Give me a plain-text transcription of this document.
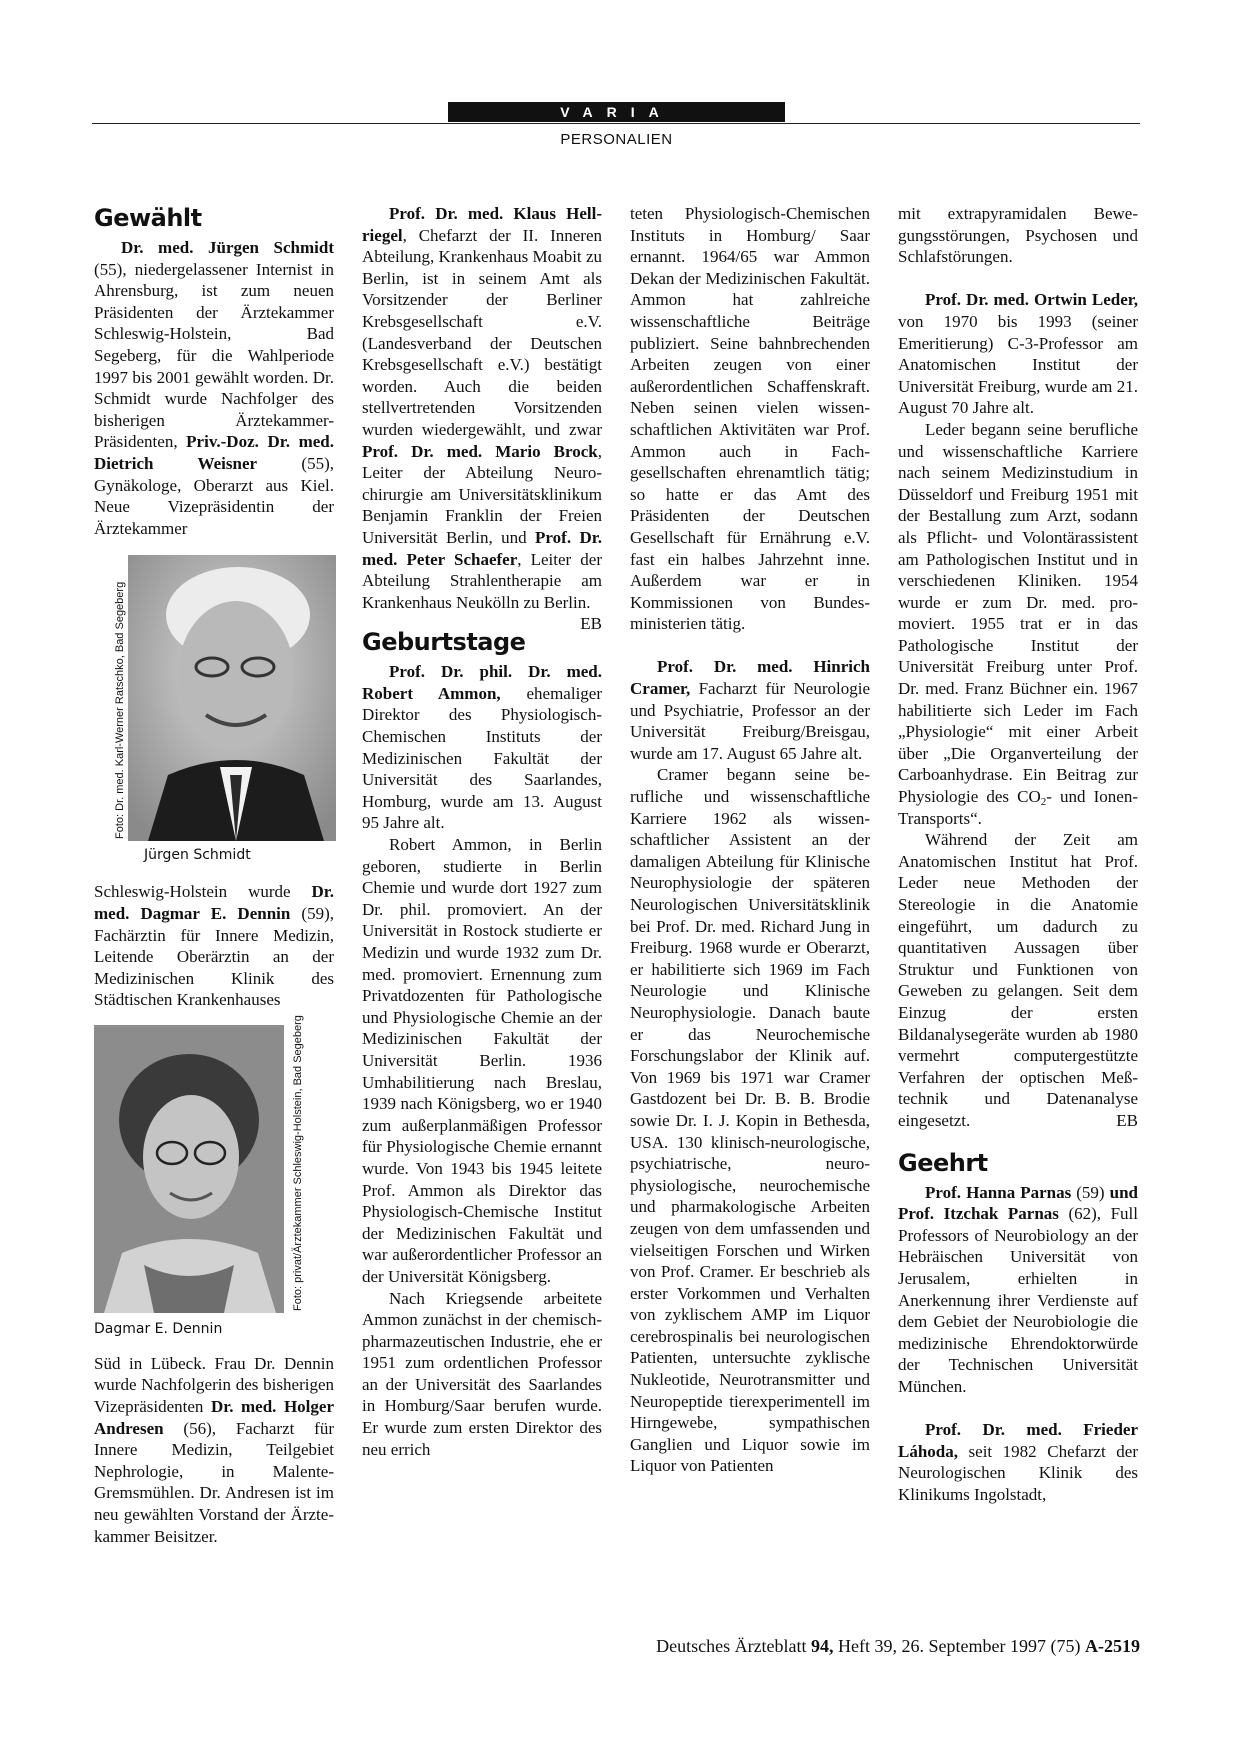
VARIA
PERSONALIEN
Gewählt

Dr. med. Jürgen Schmidt (55), niedergelassener Internist in Ahrensburg, ist zum neuen Präsidenten der Ärztekammer Schleswig-Holstein, Bad Segeberg, für die Wahlperiode 1997 bis 2001 gewählt worden. Dr. Schmidt wurde Nachfolger des bisherigen Ärztekammer-Präsidenten, Priv.-Doz. Dr. med. Dietrich Weisner (55), Gynäkologe, Oberarzt aus Kiel. Neue Vizepräsidentin der Ärztekammer

Foto: Dr. med. Karl-Werner Ratschko, Bad Segeberg
Jürgen Schmidt

Schleswig-Holstein wurde Dr. med. Dagmar E. Dennin (59), Fachärztin für Innere Medizin, Leitende Oberärztin an der Medizinischen Klinik des Städtischen Krankenhauses

Foto: privat/Ärztekammer Schleswig-Holstein, Bad Segeberg
Dagmar E. Dennin

Süd in Lübeck. Frau Dr. Dennin wurde Nachfolgerin des bisherigen Vizepräsidenten Dr. med. Holger Andresen (56), Facharzt für Innere Medizin, Teilgebiet Nephrologie, in Malente-Gremsmühlen. Dr. Andresen ist im neu gewählten Vorstand der Ärztekammer Beisitzer.

Prof. Dr. med. Klaus Hellriegel, Chefarzt der II. Inneren Abteilung, Krankenhaus Moabit zu Berlin, ist in seinem Amt als Vorsitzender der Berliner Krebsgesellschaft e.V. (Landesverband der Deutschen Krebsgesellschaft e.V.) bestätigt worden. Auch die beiden stellvertretenden Vorsitzenden wurden wiedergewählt, und zwar Prof. Dr. med. Mario Brock, Leiter der Abteilung Neurochirurgie am Universitätsklinikum Benjamin Franklin der Freien Universität Berlin, und Prof. Dr. med. Peter Schaefer, Leiter der Abteilung Strahlentherapie am Krankenhaus Neukölln zu Berlin.
EB

Geburtstage

Prof. Dr. phil. Dr. med. Robert Ammon, ehemaliger Direktor des Physiologisch-Chemischen Instituts der Medizinischen Fakultät der Universität des Saarlandes, Homburg, wurde am 13. August 95 Jahre alt.

Robert Ammon, in Berlin geboren, studierte in Berlin Chemie und wurde dort 1927 zum Dr. phil. promoviert. An der Universität in Rostock studierte er Medizin und wurde 1932 zum Dr. med. promoviert. Ernennung zum Privatdozenten für Pathologische und Physiologische Chemie an der Medizinischen Fakultät der Universität Berlin. 1936 Umhabilitierung nach Breslau, 1939 nach Königsberg, wo er 1940 zum außerplanmäßigen Professor für Physiologische Chemie ernannt wurde. Von 1943 bis 1945 leitete Prof. Ammon als Direktor das Physiologisch-Chemische Institut der Medizinischen Fakultät und war außerordentlicher Professor an der Universität Königsberg.

Nach Kriegsende arbeitete Ammon zunächst in der chemisch-pharmazeutischen Industrie, ehe er 1951 zum ordentlichen Professor an der Universität des Saarlandes in Homburg/Saar berufen wurde. Er wurde zum ersten Direktor des neu errich

teten Physiologisch-Chemischen Instituts in Homburg/ Saar ernannt. 1964/65 war Ammon Dekan der Medizinischen Fakultät. Ammon hat zahlreiche wissenschaftliche Beiträge publiziert. Seine bahnbrechenden Arbeiten zeugen von einer außerordentlichen Schaffenskraft. Neben seinen vielen wissenschaftlichen Aktivitäten war Prof. Ammon auch in Fachgesellschaften ehrenamtlich tätig; so hatte er das Amt des Präsidenten der Deutschen Gesellschaft für Ernährung e.V. fast ein halbes Jahrzehnt inne. Außerdem war er in Kommissionen von Bundesministerien tätig.

Prof. Dr. med. Hinrich Cramer, Facharzt für Neurologie und Psychiatrie, Professor an der Universität Freiburg/Breisgau, wurde am 17. August 65 Jahre alt.

Cramer begann seine berufliche und wissenschaftliche Karriere 1962 als wissenschaftlicher Assistent an der damaligen Abteilung für Klinische Neurophysiologie der späteren Neurologischen Universitätsklinik bei Prof. Dr. med. Richard Jung in Freiburg. 1968 wurde er Oberarzt, er habilitierte sich 1969 im Fach Neurologie und Klinische Neurophysiologie. Danach baute er das Neurochemische Forschungslabor der Klinik auf. Von 1969 bis 1971 war Cramer Gastdozent bei Dr. B. B. Brodie sowie Dr. I. J. Kopin in Bethesda, USA. 130 klinisch-neurologische, psychiatrische, neurophysiologische, neurochemische und pharmakologische Arbeiten zeugen von dem umfassenden und vielseitigen Forschen und Wirken von Prof. Cramer. Er beschrieb als erster Vorkommen und Verhalten von zyklischem AMP im Liquor cerebrospinalis bei neurologischen Patienten, untersuchte zyklische Nukleotide, Neurotransmitter und Neuropeptide tierexperimentell im Hirngewebe, sympathischen Ganglien und Liquor sowie im Liquor von Patienten

mit extrapyramidalen Bewegungsstörungen, Psychosen und Schlafstörungen.

Prof. Dr. med. Ortwin Leder, von 1970 bis 1993 (seiner Emeritierung) C-3-Professor am Anatomischen Institut der Universität Freiburg, wurde am 21. August 70 Jahre alt.

Leder begann seine berufliche und wissenschaftliche Karriere nach seinem Medizinstudium in Düsseldorf und Freiburg 1951 mit der Bestallung zum Arzt, sodann als Pflicht- und Volontärassistent am Pathologischen Institut und in verschiedenen Kliniken. 1954 wurde er zum Dr. med. promoviert. 1955 trat er in das Pathologische Institut der Universität Freiburg unter Prof. Dr. med. Franz Büchner ein. 1967 habilitierte sich Leder im Fach „Physiologie“ mit einer Arbeit über „Die Organverteilung der Carboanhydrase. Ein Beitrag zur Physiologie des $CO_2-$ und Ionen-Transports“.

Während der Zeit am Anatomischen Institut hat Prof. Leder neue Methoden der Stereologie in die Anatomie eingeführt, um dadurch zu quantitativen Aussagen über Struktur und Funktionen von Geweben zu gelangen. Seit dem Einzug der ersten Bildanalysegeräte wurden ab 1980 vermehrt computergestützte Verfahren der optischen Meßtechnik und Datenanalyse eingesetzt.	EB

Geehrt

Prof. Hanna Parnas (59) und Prof. Itzchak Parnas (62), Full Professors of Neurobiology an der Hebräischen Universität von Jerusalem, erhielten in Anerkennung ihrer Verdienste auf dem Gebiet der Neurobiologie die medizinische Ehrendoktorwürde der Technischen Universität München.

Prof. Dr. med. Frieder Láhoda, seit 1982 Chefarzt der Neurologischen Klinik des Klinikums Ingolstadt,

Deutsches Ärzteblatt 94, Heft 39, 26. September 1997 (75) A-2519
